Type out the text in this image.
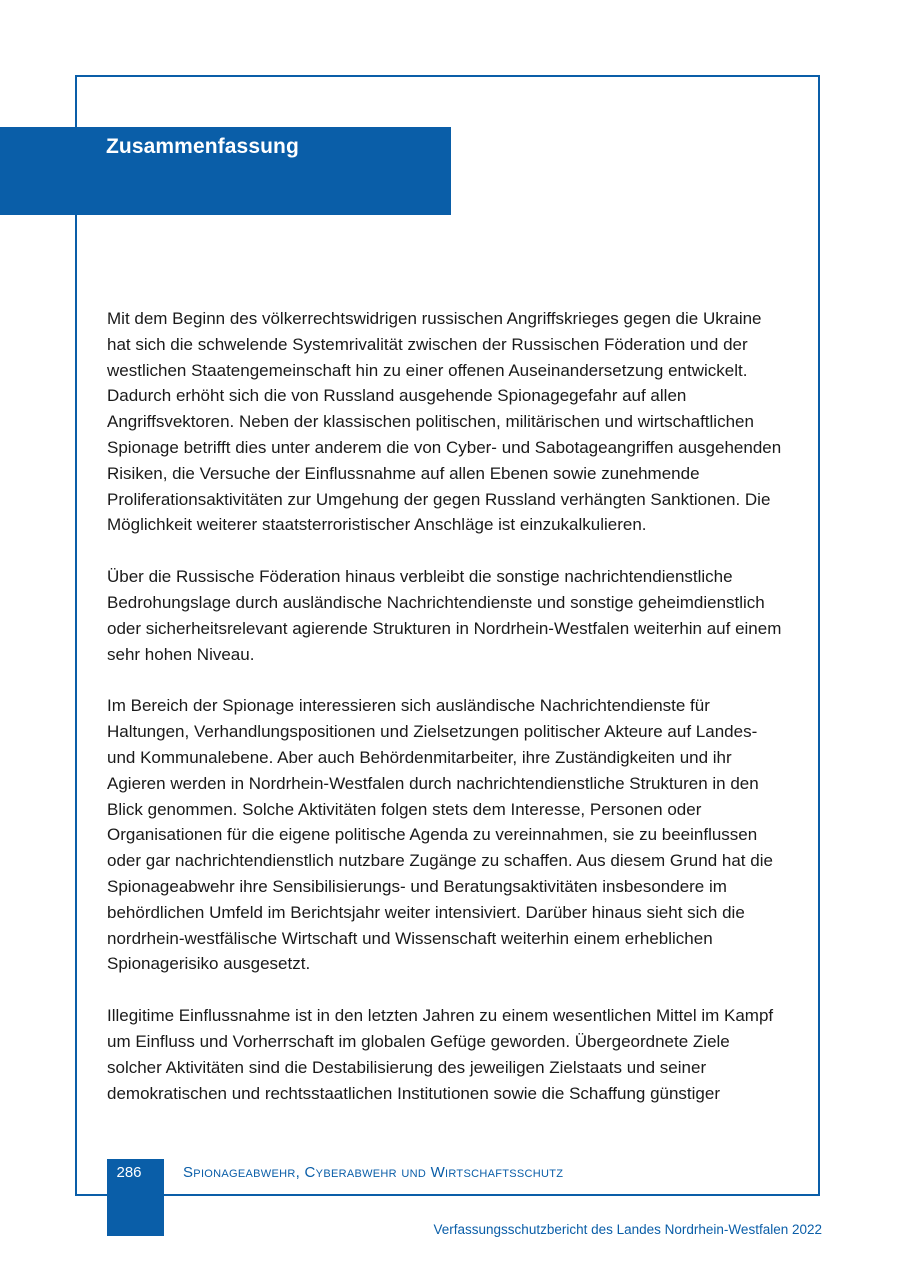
Zusammenfassung

Mit dem Beginn des völkerrechtswidrigen russischen Angriffskrieges gegen die Ukraine hat sich die schwelende Systemrivalität zwischen der Russischen Föderation und der westlichen Staatengemeinschaft hin zu einer offenen Auseinandersetzung entwickelt. Dadurch erhöht sich die von Russland ausgehende Spionagegefahr auf allen Angriffsvektoren. Neben der klassischen politischen, militärischen und wirtschaftlichen Spionage betrifft dies unter anderem die von Cyber- und Sabotageangriffen ausgehenden Risiken, die Versuche der Einflussnahme auf allen Ebenen sowie zunehmende Proliferationsaktivitäten zur Umgehung der gegen Russland verhängten Sanktionen. Die Möglichkeit weiterer staatsterroristischer Anschläge ist einzukalkulieren.

Über die Russische Föderation hinaus verbleibt die sonstige nachrichtendienstliche Bedrohungslage durch ausländische Nachrichtendienste und sonstige geheimdienstlich oder sicherheitsrelevant agierende Strukturen in Nordrhein-Westfalen weiterhin auf einem sehr hohen Niveau.

Im Bereich der Spionage interessieren sich ausländische Nachrichtendienste für Haltungen, Verhandlungspositionen und Zielsetzungen politischer Akteure auf Landes- und Kommunalebene. Aber auch Behördenmitarbeiter, ihre Zuständigkeiten und ihr Agieren werden in Nordrhein-Westfalen durch nachrichtendienstliche Strukturen in den Blick genommen. Solche Aktivitäten folgen stets dem Interesse, Personen oder Organisationen für die eigene politische Agenda zu vereinnahmen, sie zu beeinflussen oder gar nachrichtendienstlich nutzbare Zugänge zu schaffen. Aus diesem Grund hat die Spionageabwehr ihre Sensibilisierungs- und Beratungsaktivitäten insbesondere im behördlichen Umfeld im Berichtsjahr weiter intensiviert. Darüber hinaus sieht sich die nordrhein-westfälische Wirtschaft und Wissenschaft weiterhin einem erheblichen Spionagerisiko ausgesetzt.

Illegitime Einflussnahme ist in den letzten Jahren zu einem wesentlichen Mittel im Kampf um Einfluss und Vorherrschaft im globalen Gefüge geworden. Übergeordnete Ziele solcher Aktivitäten sind die Destabilisierung des jeweiligen Zielstaats und seiner demokratischen und rechtsstaatlichen Institutionen sowie die Schaffung günstiger

286	Spionageabwehr, Cyberabwehr und Wirtschaftsschutz
Verfassungsschutzbericht des Landes Nordrhein-Westfalen 2022
